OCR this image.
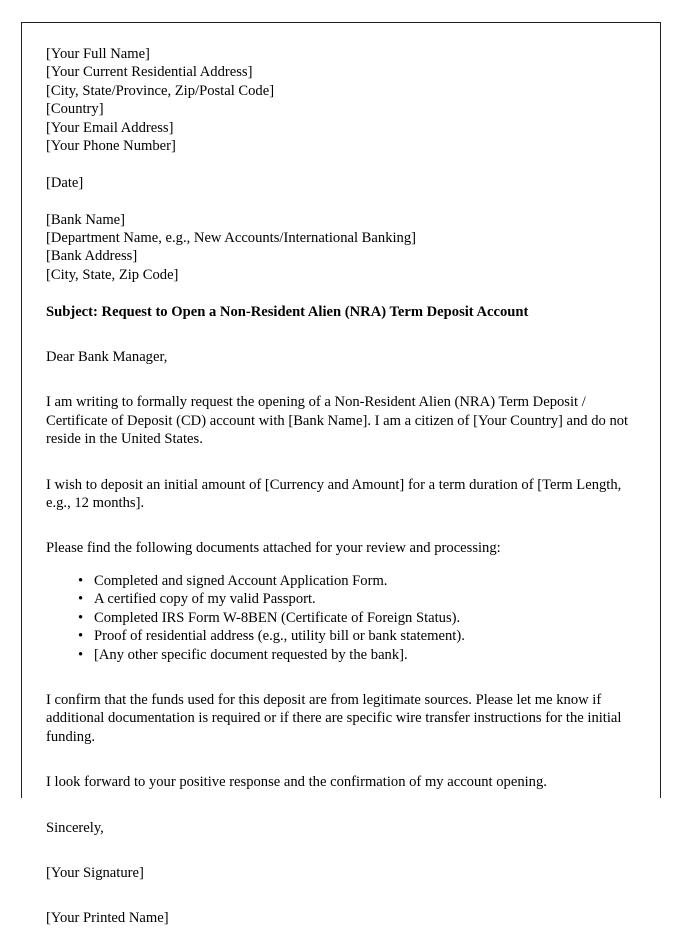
[Your Full Name]
[Your Current Residential Address]
[City, State/Province, Zip/Postal Code]
[Country]
[Your Email Address]
[Your Phone Number]
[Date]
[Bank Name]
[Department Name, e.g., New Accounts/International Banking]
[Bank Address]
[City, State, Zip Code]
Subject: Request to Open a Non-Resident Alien (NRA) Term Deposit Account
Dear Bank Manager,

I am writing to formally request the opening of a Non-Resident Alien (NRA) Term Deposit / Certificate of Deposit (CD) account with [Bank Name]. I am a citizen of [Your Country] and do not reside in the United States.

I wish to deposit an initial amount of [Currency and Amount] for a term duration of [Term Length, e.g., 12 months].

Please find the following documents attached for your review and processing:

• Completed and signed Account Application Form.
• A certified copy of my valid Passport.
• Completed IRS Form W-8BEN (Certificate of Foreign Status).
• Proof of residential address (e.g., utility bill or bank statement).
• [Any other specific document requested by the bank].

I confirm that the funds used for this deposit are from legitimate sources. Please let me know if additional documentation is required or if there are specific wire transfer instructions for the initial funding.

I look forward to your positive response and the confirmation of my account opening.

Sincerely,
[Your Signature]
[Your Printed Name]
